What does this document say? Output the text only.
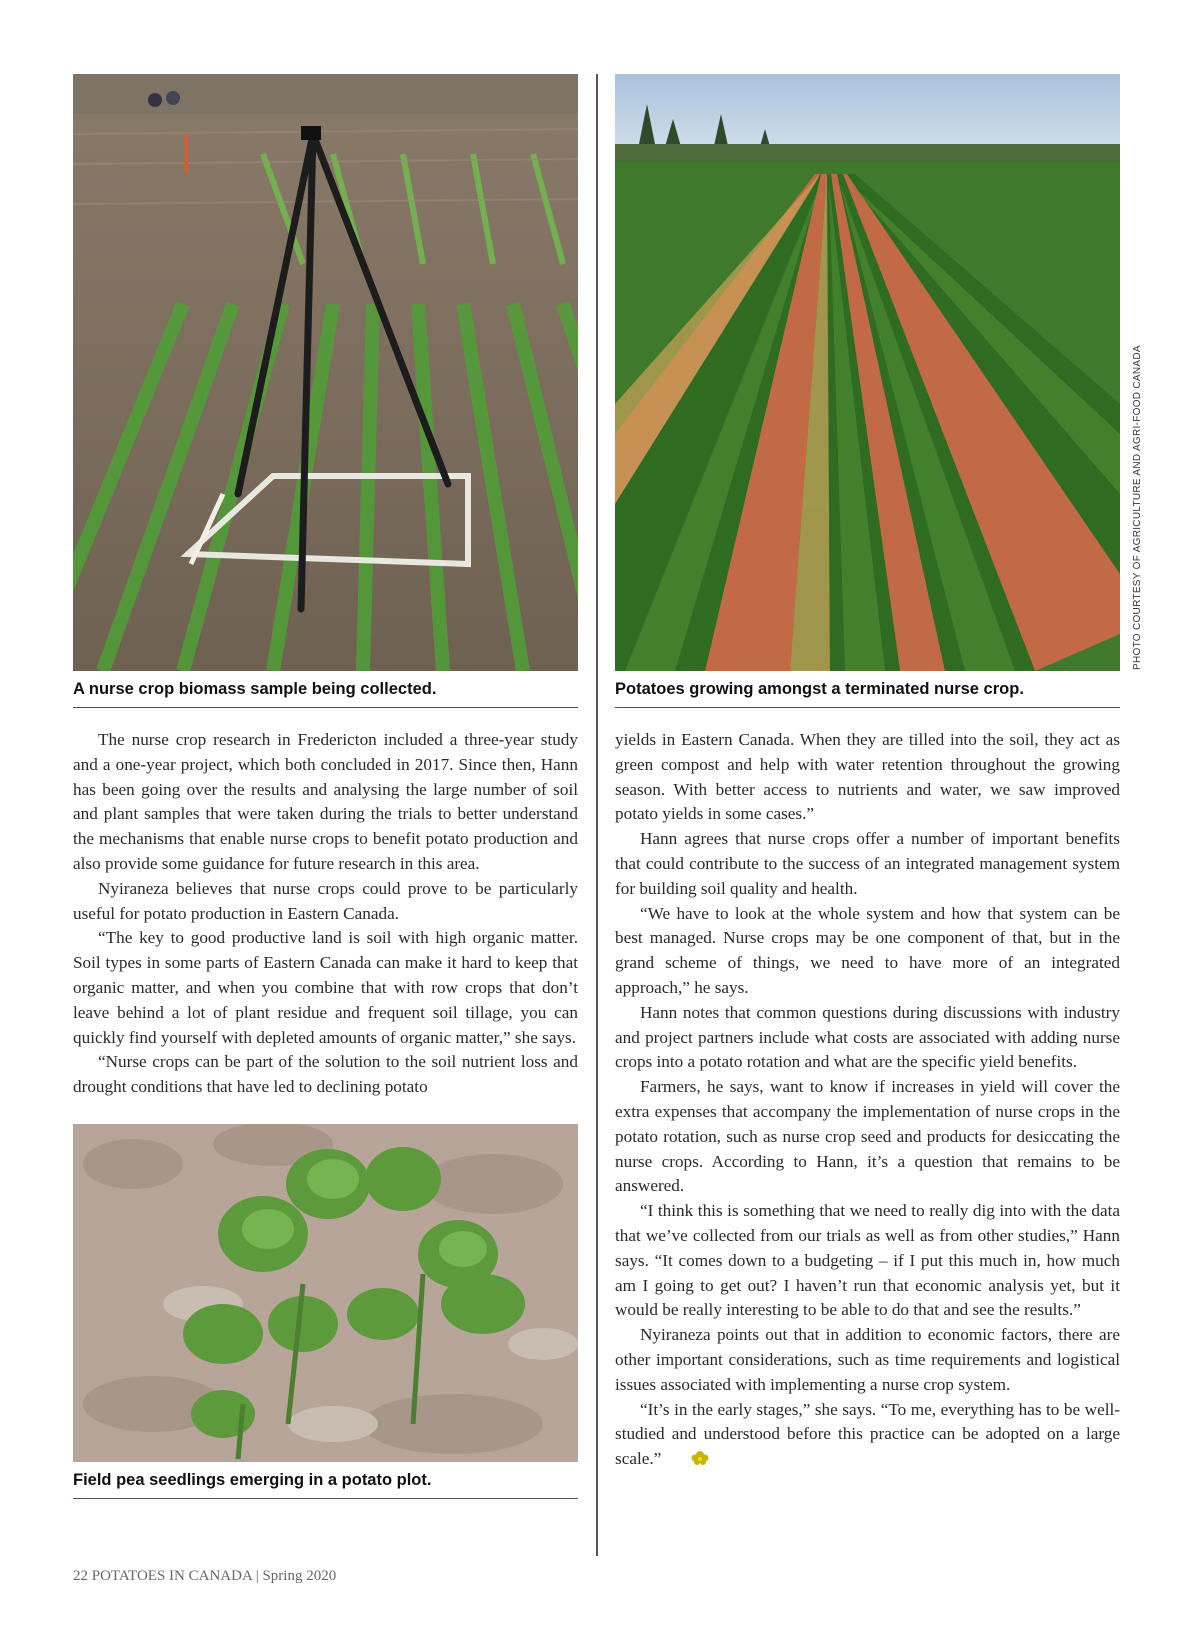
A nurse crop biomass sample being collected.

The nurse crop research in Fredericton included a three-year study and a one-year project, which both concluded in 2017. Since then, Hann has been going over the results and analysing the large number of soil and plant samples that were taken during the trials to better understand the mechanisms that enable nurse crops to benefit potato production and also provide some guidance for future research in this area.

Nyiraneza believes that nurse crops could prove to be particularly useful for potato production in Eastern Canada.

“The key to good productive land is soil with high organic matter. Soil types in some parts of Eastern Canada can make it hard to keep that organic matter, and when you combine that with row crops that don’t leave behind a lot of plant residue and frequent soil tillage, you can quickly find yourself with depleted amounts of organic matter,” she says.

“Nurse crops can be part of the solution to the soil nutrient loss and drought conditions that have led to declining potato

Field pea seedlings emerging in a potato plot.
Potatoes growing amongst a terminated nurse crop.

yields in Eastern Canada. When they are tilled into the soil, they act as green compost and help with water retention throughout the growing season. With better access to nutrients and water, we saw improved potato yields in some cases.”

Hann agrees that nurse crops offer a number of important benefits that could contribute to the success of an integrated management system for building soil quality and health.

“We have to look at the whole system and how that system can be best managed. Nurse crops may be one component of that, but in the grand scheme of things, we need to have more of an integrated approach,” he says.

Hann notes that common questions during discussions with industry and project partners include what costs are associated with adding nurse crops into a potato rotation and what are the specific yield benefits.

Farmers, he says, want to know if increases in yield will cover the extra expenses that accompany the implementation of nurse crops in the potato rotation, such as nurse crop seed and products for desiccating the nurse crops. According to Hann, it’s a question that remains to be answered.

“I think this is something that we need to really dig into with the data that we’ve collected from our trials as well as from other studies,” Hann says. “It comes down to a budgeting – if I put this much in, how much am I going to get out? I haven’t run that economic analysis yet, but it would be really interesting to be able to do that and see the results.”

Nyiraneza points out that in addition to economic factors, there are other important considerations, such as time requirements and logistical issues associated with implementing a nurse crop system.

“It’s in the early stages,” she says. “To me, everything has to be well-studied and understood before this practice can be adopted on a large scale.”

PHOTO COURTESY OF AGRICULTURE AND AGRI-FOOD CANADA
22 POTATOES IN CANADA | Spring 2020
